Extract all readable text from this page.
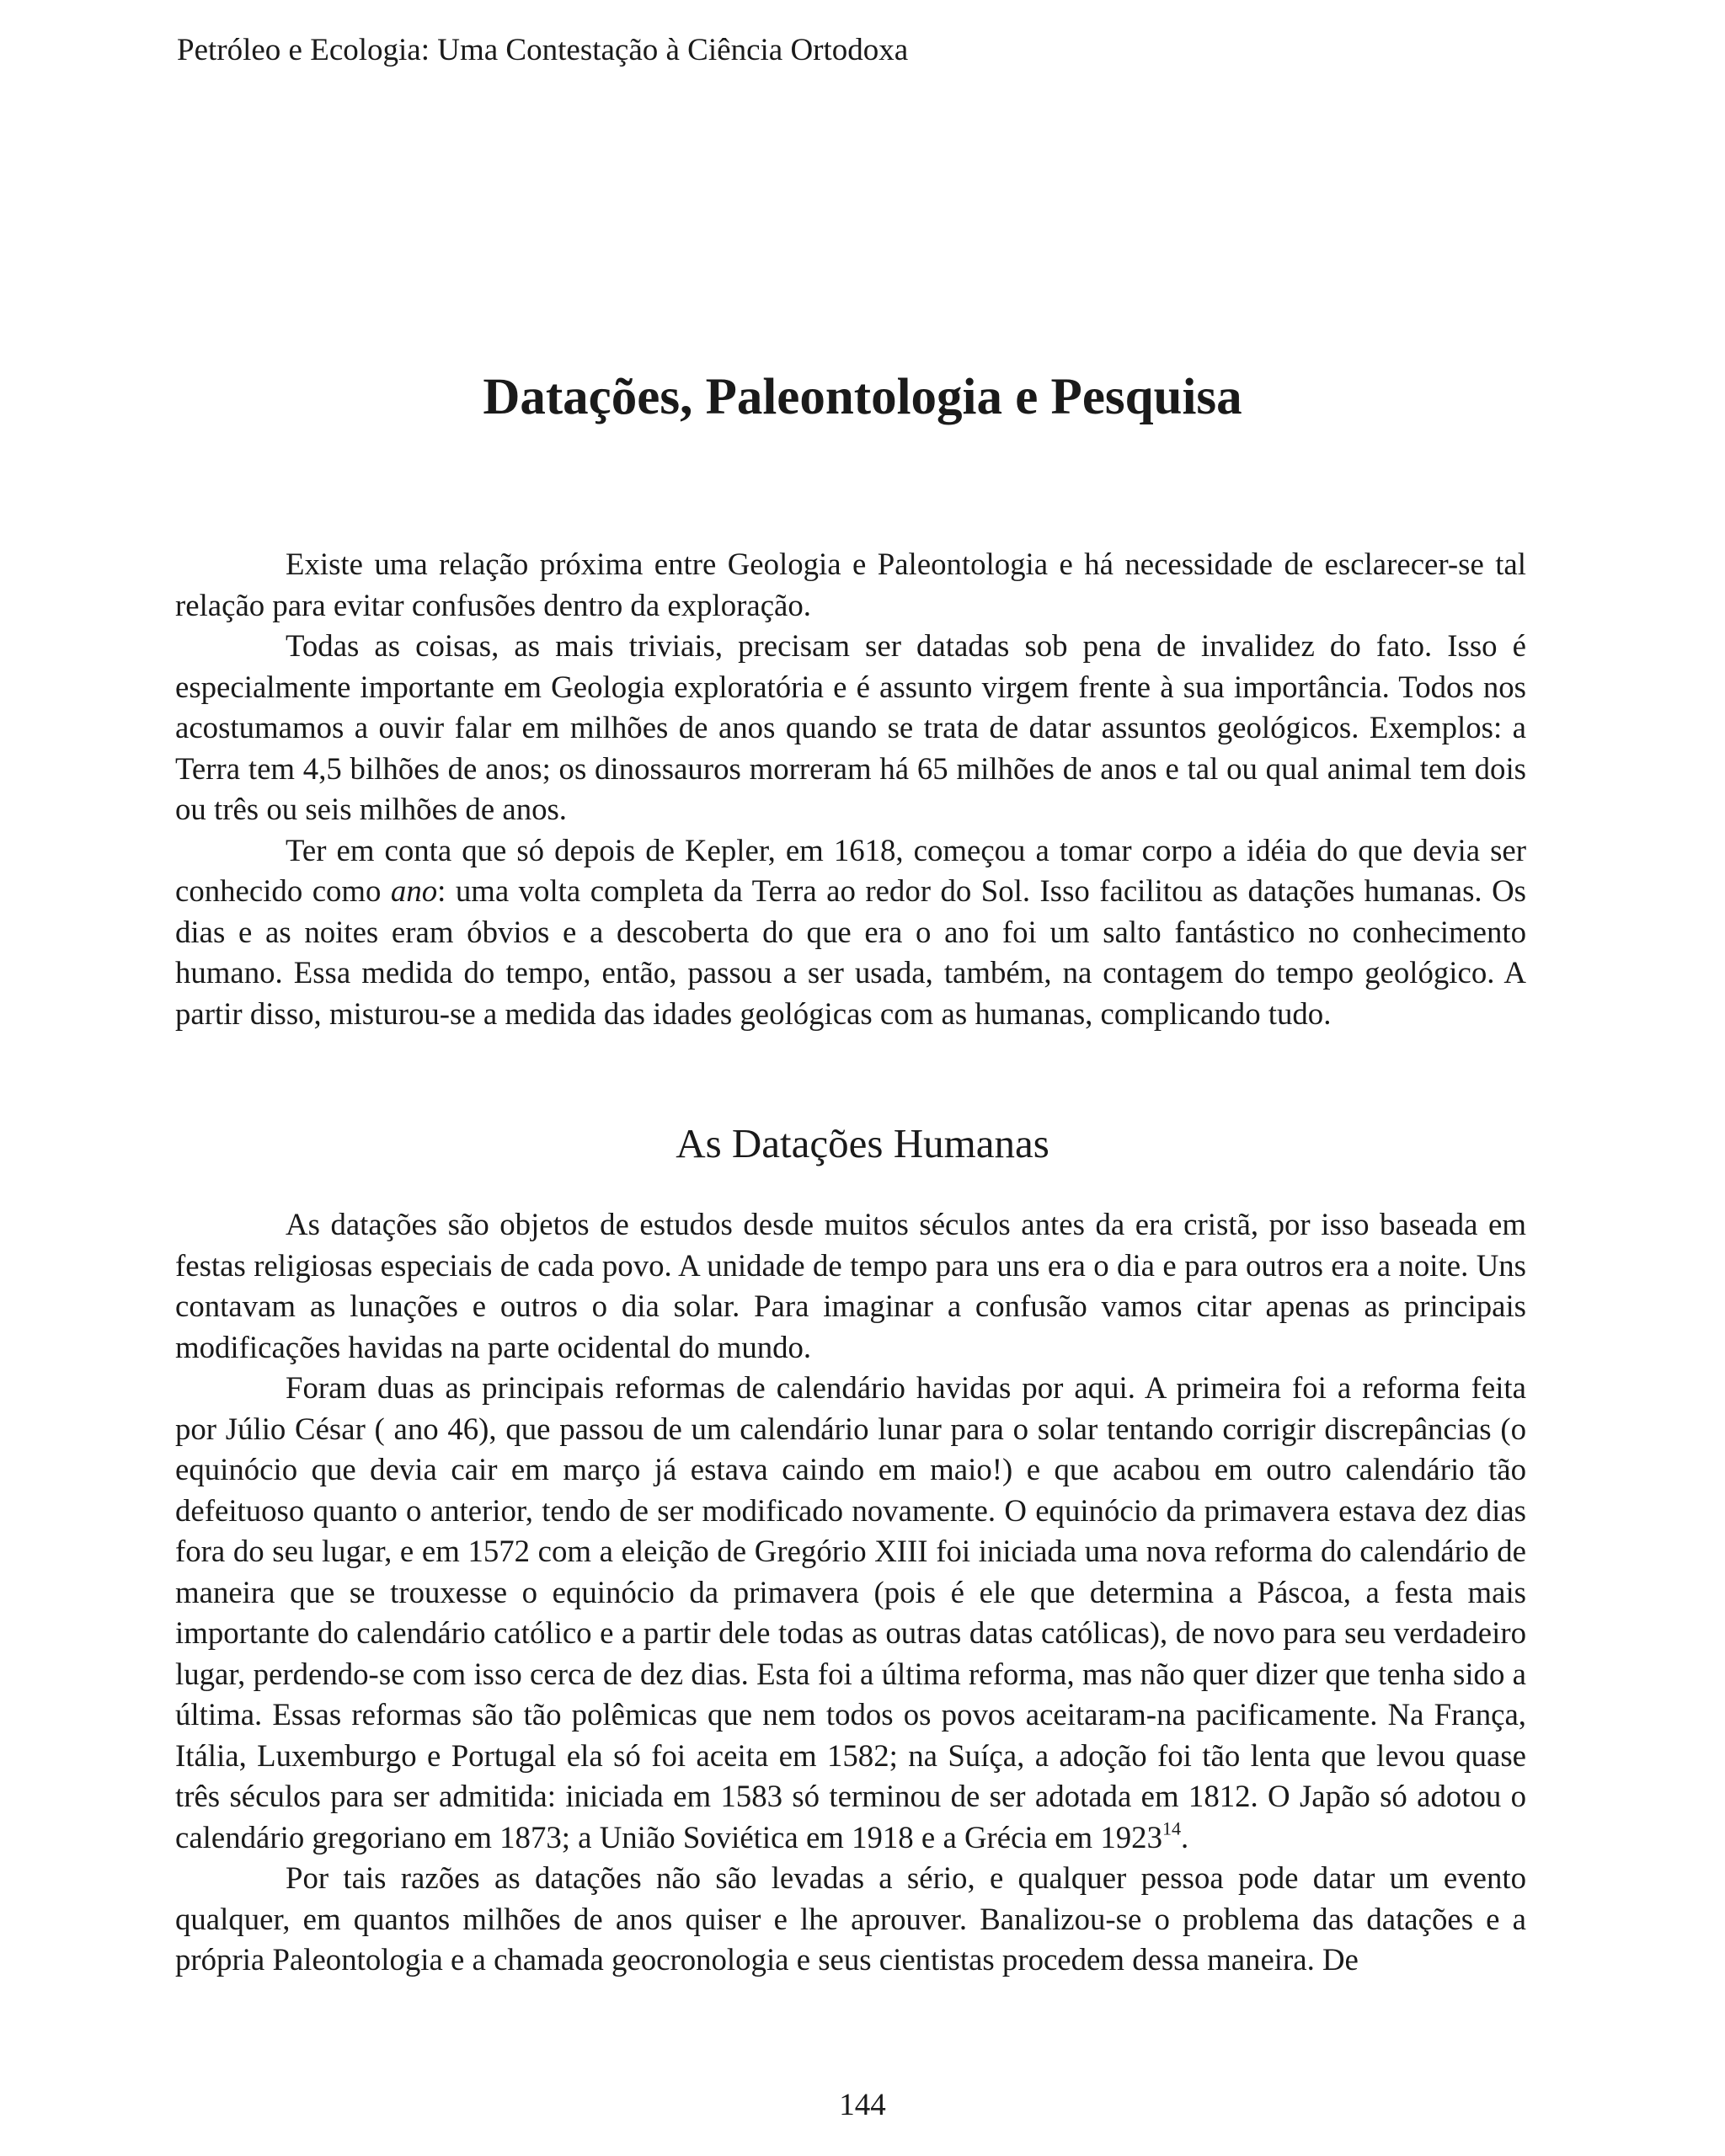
Petróleo e Ecologia: Uma Contestação à Ciência Ortodoxa
Datações, Paleontologia e Pesquisa

Existe uma relação próxima entre Geologia e Paleontologia e há necessidade de esclarecer-se tal relação para evitar confusões dentro da exploração.

Todas as coisas, as mais triviais, precisam ser datadas sob pena de invalidez do fato. Isso é especialmente importante em Geologia exploratória e é assunto virgem frente à sua importância. Todos nos acostumamos a ouvir falar em milhões de anos quando se trata de datar assuntos geológicos. Exemplos: a Terra tem 4,5 bilhões de anos; os dinossauros morreram há 65 milhões de anos e tal ou qual animal tem dois ou três ou seis milhões de anos.

Ter em conta que só depois de Kepler, em 1618, começou a tomar corpo a idéia do que devia ser conhecido como ano: uma volta completa da Terra ao redor do Sol. Isso facilitou as datações humanas. Os dias e as noites eram óbvios e a descoberta do que era o ano foi um salto fantástico no conhecimento humano. Essa medida do tempo, então, passou a ser usada, também, na contagem do tempo geológico. A partir disso, misturou-se a medida das idades geológicas com as humanas, complicando tudo.

As Datações Humanas

As datações são objetos de estudos desde muitos séculos antes da era cristã, por isso baseada em festas religiosas especiais de cada povo. A unidade de tempo para uns era o dia e para outros era a noite. Uns contavam as lunações e outros o dia solar. Para imaginar a confusão vamos citar apenas as principais modificações havidas na parte ocidental do mundo.

Foram duas as principais reformas de calendário havidas por aqui. A primeira foi a reforma feita por Júlio César ( ano 46), que passou de um calendário lunar para o solar tentando corrigir discrepâncias (o equinócio que devia cair em março já estava caindo em maio!) e que acabou em outro calendário tão defeituoso quanto o anterior, tendo de ser modificado novamente. O equinócio da primavera estava dez dias fora do seu lugar, e em 1572 com a eleição de Gregório XIII foi iniciada uma nova reforma do calendário de maneira que se trouxesse o equinócio da primavera (pois é ele que determina a Páscoa, a festa mais importante do calendário católico e a partir dele todas as outras datas católicas), de novo para seu verdadeiro lugar, perdendo-se com isso cerca de dez dias. Esta foi a última reforma, mas não quer dizer que tenha sido a última. Essas reformas são tão polêmicas que nem todos os povos aceitaram-na pacificamente. Na França, Itália, Luxemburgo e Portugal ela só foi aceita em 1582; na Suíça, a adoção foi tão lenta que levou quase três séculos para ser admitida: iniciada em 1583 só terminou de ser adotada em 1812. O Japão só adotou o calendário gregoriano em 1873; a União Soviética em 1918 e a Grécia em 1923$^{14}$.

Por tais razões as datações não são levadas a sério, e qualquer pessoa pode datar um evento qualquer, em quantos milhões de anos quiser e lhe aprouver. Banalizou-se o problema das datações e a própria Paleontologia e a chamada geocronologia e seus cientistas procedem dessa maneira. De

144
